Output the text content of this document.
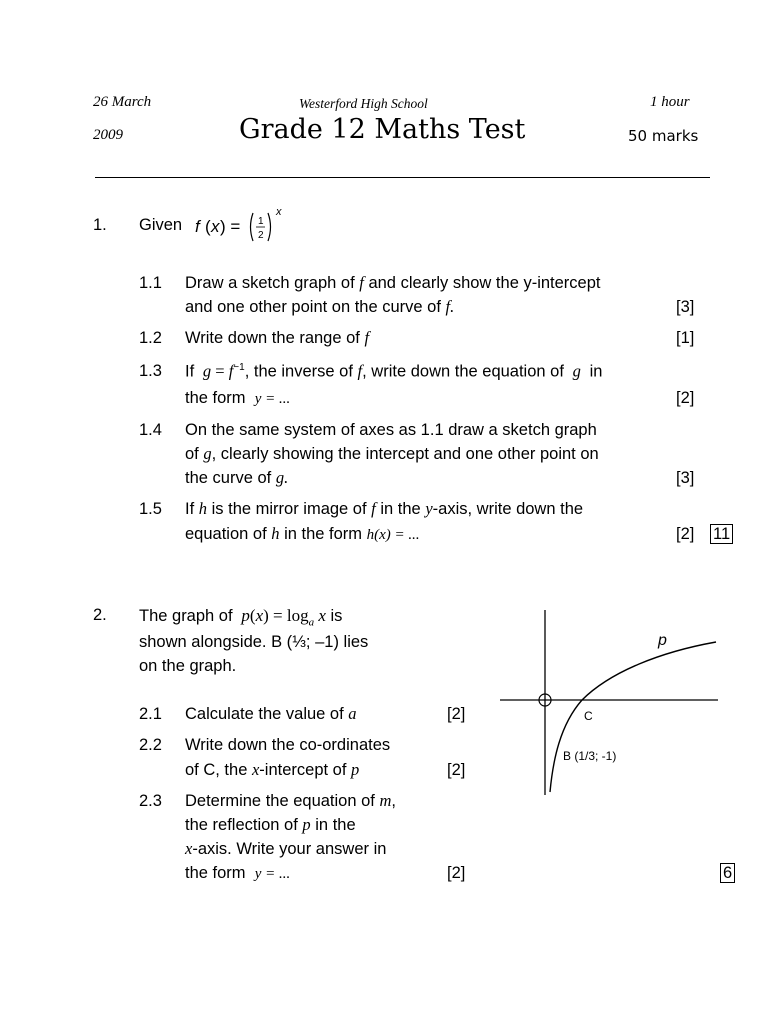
26 March
2009
Westerford High School
Grade 12 Maths Test
1 hour
50 marks
1. Given f ( x ) = 1
2
x
1.1 Draw a sketch graph of f and clearly show the y-intercept
and one other point on the curve of f.	[3]
1.2 Write down the range of f	[1]
1.3 If  $g = f^{-1}$, the inverse of f, write down the equation of  g  in
the form y = ...	[2]
1.4 On the same system of axes as 1.1 draw a sketch graph
of g, clearly showing the intercept and one other point on
the curve of g.	[3]
1.5 If h is the mirror image of f in the y-axis, write down the
equation of h in the form h(x) = ...	[2] 11
2. The graph of $p(x) = \log_a x$ is
shown alongside. B (⅓; –1) lies
on the graph.
2.1 Calculate the value of a	[2]
2.2 Write down the co-ordinates
of C, the x-intercept of p	[2]
2.3 Determine the equation of m,
the reflection of p in the
x-axis. Write your answer in
the form y = ...	[2]	6
p
C
B (1/3; -1)
